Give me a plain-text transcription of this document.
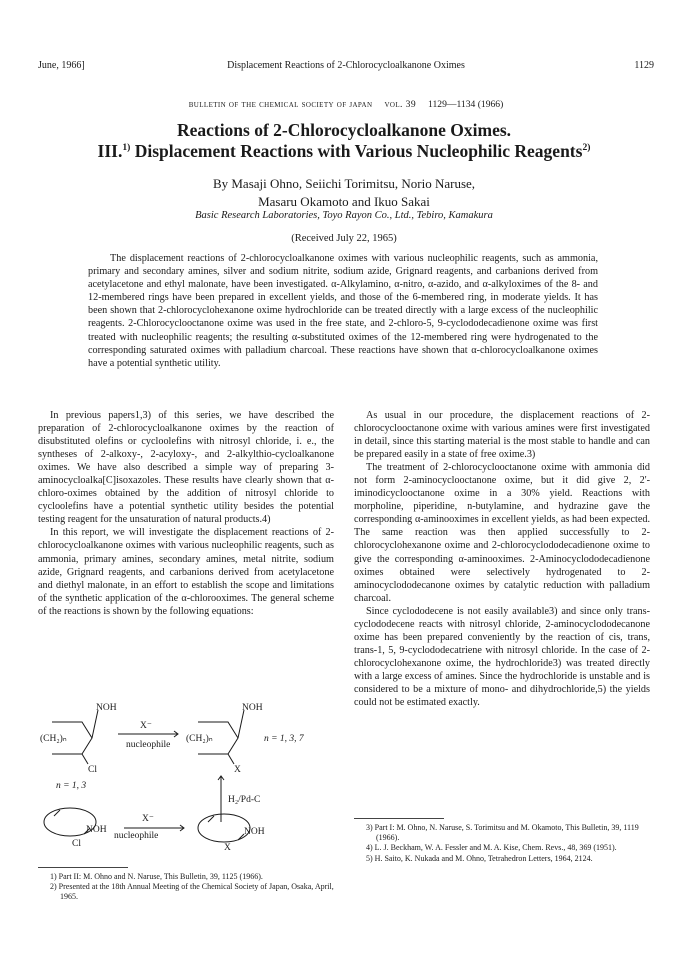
June, 1966]	Displacement Reactions of 2-Chlorocycloalkanone Oximes	1129
bulletin of the chemical society of japan vol. 39 1129—1134 (1966)
Reactions of 2-Chlorocycloalkanone Oximes.
III.$^{1)}$ Displacement Reactions with Various Nucleophilic Reagents$^{2)}$
By Masaji Ohno, Seiichi Torimitsu, Norio Naruse,
Masaru Okamoto and Ikuo Sakai
Basic Research Laboratories, Toyo Rayon Co., Ltd., Tebiro, Kamakura
(Received July 22, 1965)

The displacement reactions of 2-chlorocycloalkanone oximes with various nucleophilic reagents, such as ammonia, primary and secondary amines, silver and sodium nitrite, sodium azide, Grignard reagents, and carbanions derived from acetylacetone and ethyl malonate, have been investigated. α-Alkylamino, α-nitro, α-azido, and α-alkyloximes of the 8- and 12-membered rings have been prepared in excellent yields, and those of the 6-membered ring, in moderate yields. It has been shown that 2-chlorocyclohexanone oxime hydrochloride can be treated directly with a large excess of the nucleophilic reagents. 2-Chlorocyclooctanone oxime was used in the free state, and 2-chloro-5, 9-cyclododecadienone oxime was first treated with nucleophilic reagents; the resulting α-substituted oximes of the 12-membered ring were hydrogenated to the corresponding saturated oximes with palladium charcoal. These reactions have shown that α-chlorocycloalkanone oximes have a potential synthetic utility.

In previous papers1,3) of this series, we have described the preparation of 2-chlorocycloalkanone oximes by the reaction of disubstituted olefins or cycloolefins with nitrosyl chloride, i. e., the syntheses of 2-alkoxy-, 2-acyloxy-, and 2-alkylthio-cycloalkanone oximes. We have also described a simple way of preparing 3-aminocycloalka[C]isoxazoles. These results have clearly shown that α-chloro-oximes obtained by the addition of nitrosyl chloride to cycloolefins have a potential synthetic utility besides the potential testing reagent for the unsaturation of natural products.4)

In this report, we will investigate the displacement reactions of 2-chlorocycloalkanone oximes with various nucleophilic reagents, such as ammonia, primary amines, secondary amines, metal nitrite, sodium azide, Grignard reagents, and carbanions derived from acetylacetone and diethyl malonate, in an effort to establish the scope and limitations of the synthetic application of the α-chlorooximes. The general scheme of the reactions is shown by the following equations:

As usual in our procedure, the displacement reactions of 2-chlorocyclooctanone oxime with various amines were first investigated in detail, since this starting material is the most stable to handle and can be prepared easily in a state of free oxime.3)

The treatment of 2-chlorocyclooctanone oxime with ammonia did not form 2-aminocyclooctanone oxime, but it did give 2, 2'-iminodicyclooctanone oxime in a 30% yield. Reactions with morpholine, piperidine, n-butylamine, and hydrazine gave the corresponding α-aminooximes in excellent yields, as had been expected. The same reaction was then applied successfully to 2-chlorocyclohexanone oxime and 2-chlorocyclododecadienone oxime to give the corresponding α-aminooximes. 2-Aminocyclododecadienone oximes obtained were selectively hydrogenated to 2-aminocyclododecanone oximes by catalytic reduction with palladium charcoal.

Since cyclododecene is not easily available3) and since only trans-cyclododecene reacts with nitrosyl chloride, 2-aminocyclododecanone oxime has been prepared conveniently by the reaction of cis, trans, trans-1, 5, 9-cyclododecatriene with nitrosyl chloride. In the case of 2-chlorocyclohexanone oxime, the hydrochloride3) was treated directly with a large excess of amines. Since the hydrochloride is unstable and is considered to be a mixture of mono- and dihydrochloride,5) the yields could not be estimated exactly.

(CH₂)ₙ
NOH
Cl
X⁻
nucleophile
(CH₂)ₙ
NOH
X
n = 1, 3, 7
n = 1, 3
H₂/Pd-C
NOH
Cl
X⁻
nucleophile	NOH
X

1) Part II: M. Ohno and N. Naruse, This Bulletin, 39, 1125 (1966).

2) Presented at the 18th Annual Meeting of the Chemical Society of Japan, Osaka, April, 1965.

3) Part I: M. Ohno, N. Naruse, S. Torimitsu and M. Okamoto, This Bulletin, 39, 1119 (1966).

4) L. J. Beckham, W. A. Fessler and M. A. Kise, Chem. Revs., 48, 369 (1951).

5) H. Saito, K. Nukada and M. Ohno, Tetrahedron Letters, 1964, 2124.
